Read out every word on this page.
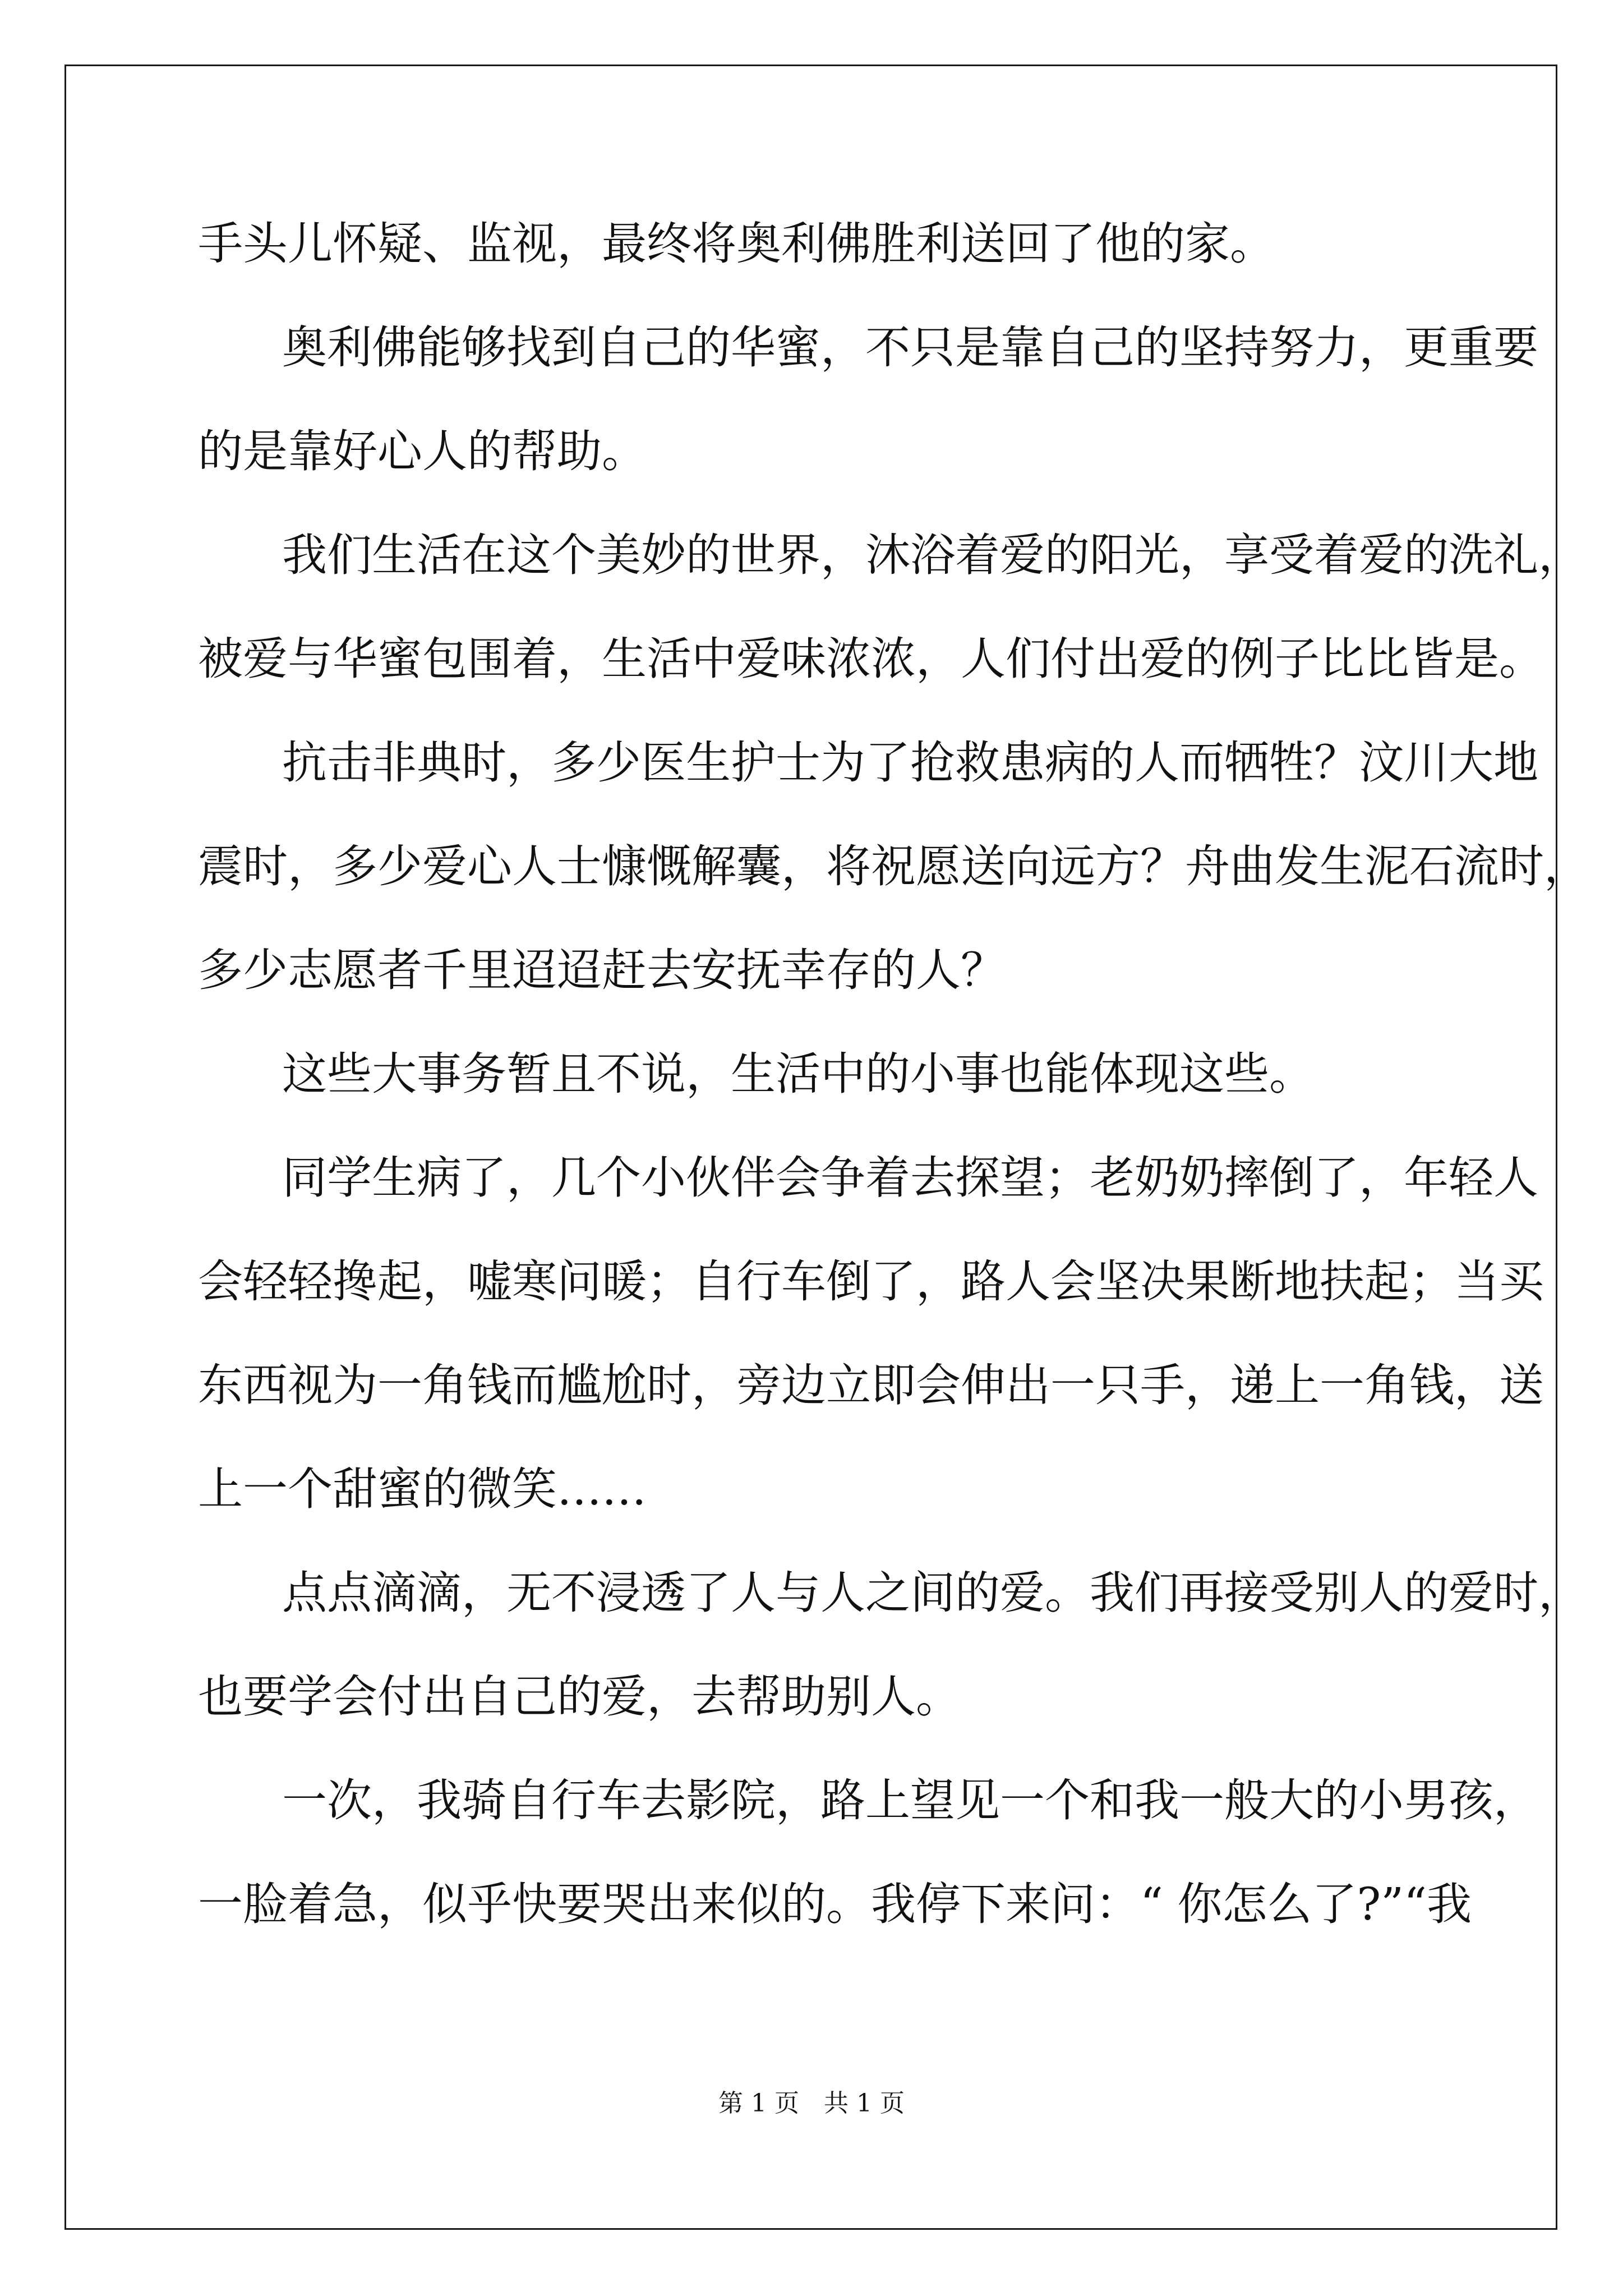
手头儿怀疑、监视，最终将奥利佛胜利送回了他的家。
奥利佛能够找到自己的华蜜，不只是靠自己的坚持努力，更重要
的是靠好心人的帮助。
我们生活在这个美妙的世界，沐浴着爱的阳光，享受着爱的洗礼，
被爱与华蜜包围着，生活中爱味浓浓，人们付出爱的例子比比皆是。
抗击非典时，多少医生护士为了抢救患病的人而牺牲？汶川大地
震时，多少爱心人士慷慨解囊，将祝愿送向远方？舟曲发生泥石流时，
多少志愿者千里迢迢赶去安抚幸存的人？
这些大事务暂且不说，生活中的小事也能体现这些。
同学生病了，几个小伙伴会争着去探望；老奶奶摔倒了，年轻人
会轻轻搀起，嘘寒问暖；自行车倒了，路人会坚决果断地扶起；当买
东西视为一角钱而尴尬时，旁边立即会伸出一只手，递上一角钱，送
上一个甜蜜的微笑……
点点滴滴，无不浸透了人与人之间的爱。我们再接受别人的爱时，
也要学会付出自己的爱，去帮助别人。
一次，我骑自行车去影院，路上望见一个和我一般大的小男孩，
一脸着急，似乎快要哭出来似的。我停下来问：“ 你怎么了?”“我
第 1 页　共 1 页
